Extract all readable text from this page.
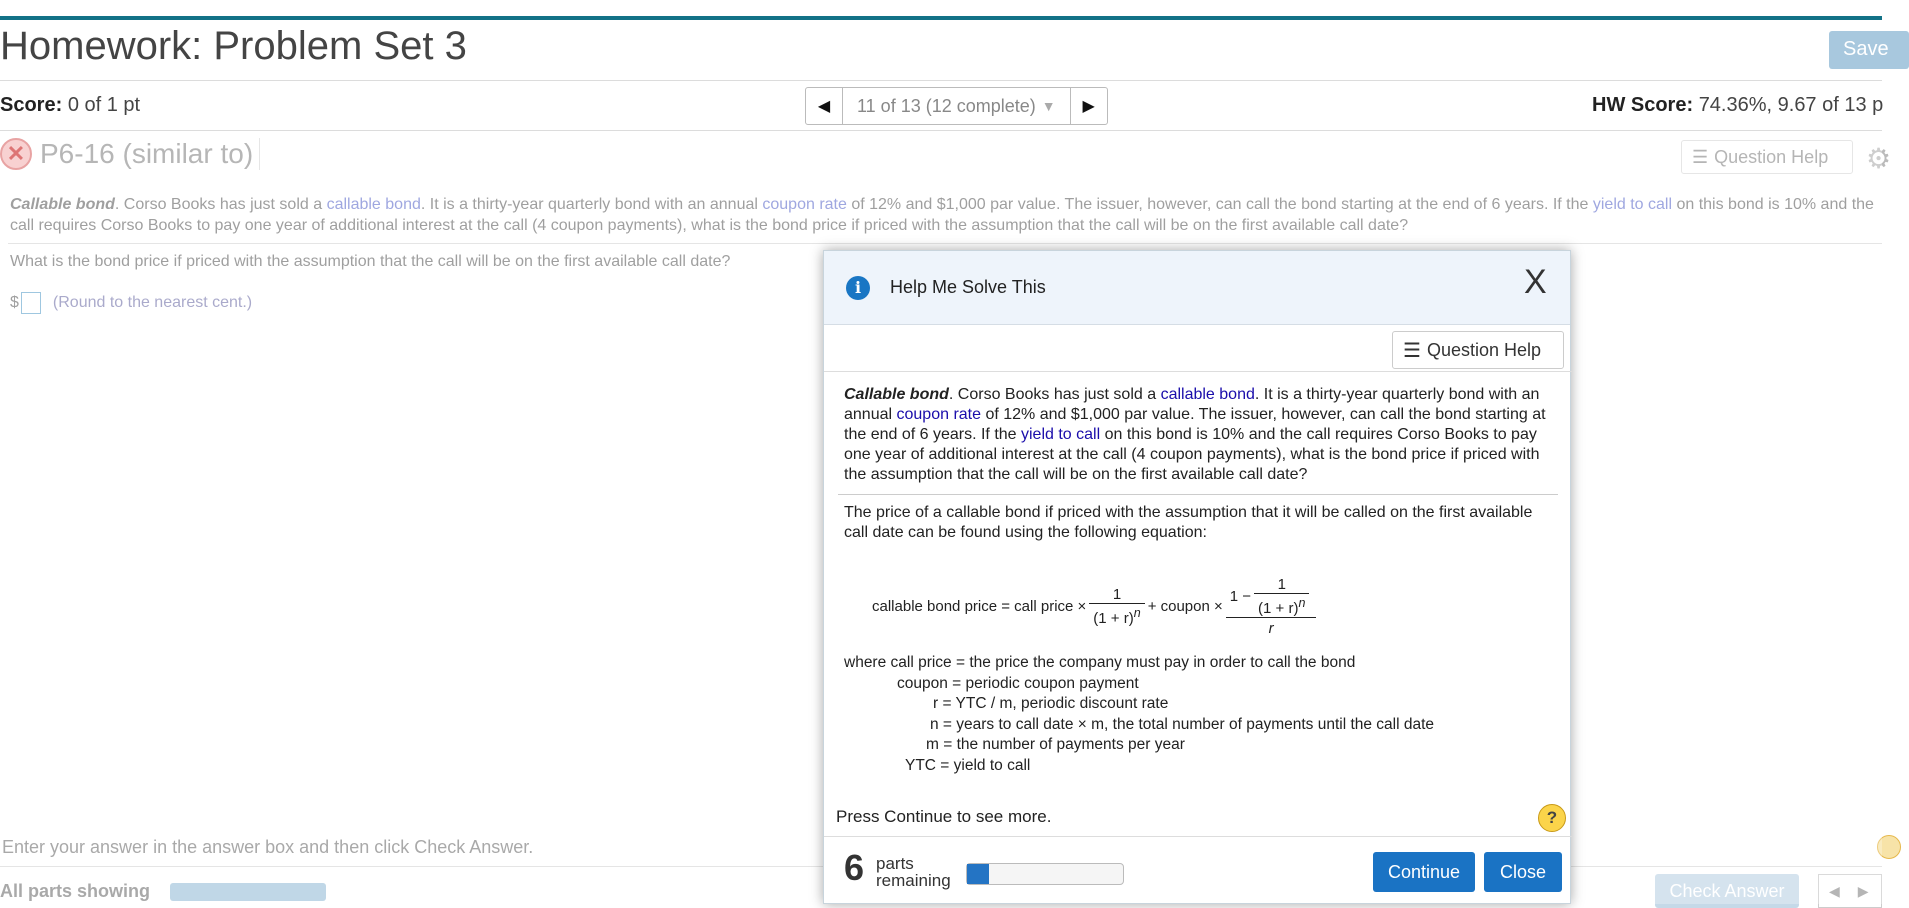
Homework: Problem Set 3	Save
Score: 0 of 1 pt	◀ 11 of 13 (12 complete) ▼ ▶	HW Score: 74.36%, 9.67 of 13 p
✕ P6-16 (similar to)	☰ Question Help ⚙
Callable bond. Corso Books has just sold a callable bond. It is a thirty-year quarterly bond with an annual coupon rate of 12% and $1,000 par value. The issuer, however, can call the bond starting at the end of 6 years. If the yield to call on this bond is 10% and the call requires Corso Books to pay one year of additional interest at the call (4 coupon payments), what is the bond price if priced with the assumption that the call will be on the first available call date?
What is the bond price if priced with the assumption that the call will be on the first available call date?
$ (Round to the nearest cent.)
Enter your answer in the answer box and then click Check Answer.
All parts showing	Check Answer	◀ ▶
i	Help Me Solve This	X
☰ Question Help
Callable bond. Corso Books has just sold a callable bond. It is a thirty-year quarterly bond with an annual coupon rate of 12% and $1,000 par value. The issuer, however, can call the bond starting at the end of 6 years. If the yield to call on this bond is 10% and the call requires Corso Books to pay one year of additional interest at the call (4 coupon payments), what is the bond price if priced with the assumption that the call will be on the first available call date?
The price of a callable bond if priced with the assumption that it will be called on the first available call date can be found using the following equation:
callable bond price = call price × $\frac{1}{(1 + r)^n}$ + coupon × $\frac{1 - \frac{1}{(1 + r)^n}}{r}$
where call price = the price the company must pay in order to call the bond
coupon = periodic coupon payment
r = YTC / m, periodic discount rate
n = years to call date × m, the total number of payments until the call date
m = the number of payments per year
YTC = yield to call
Press Continue to see more.	?
6 parts
remaining	Continue	Close
